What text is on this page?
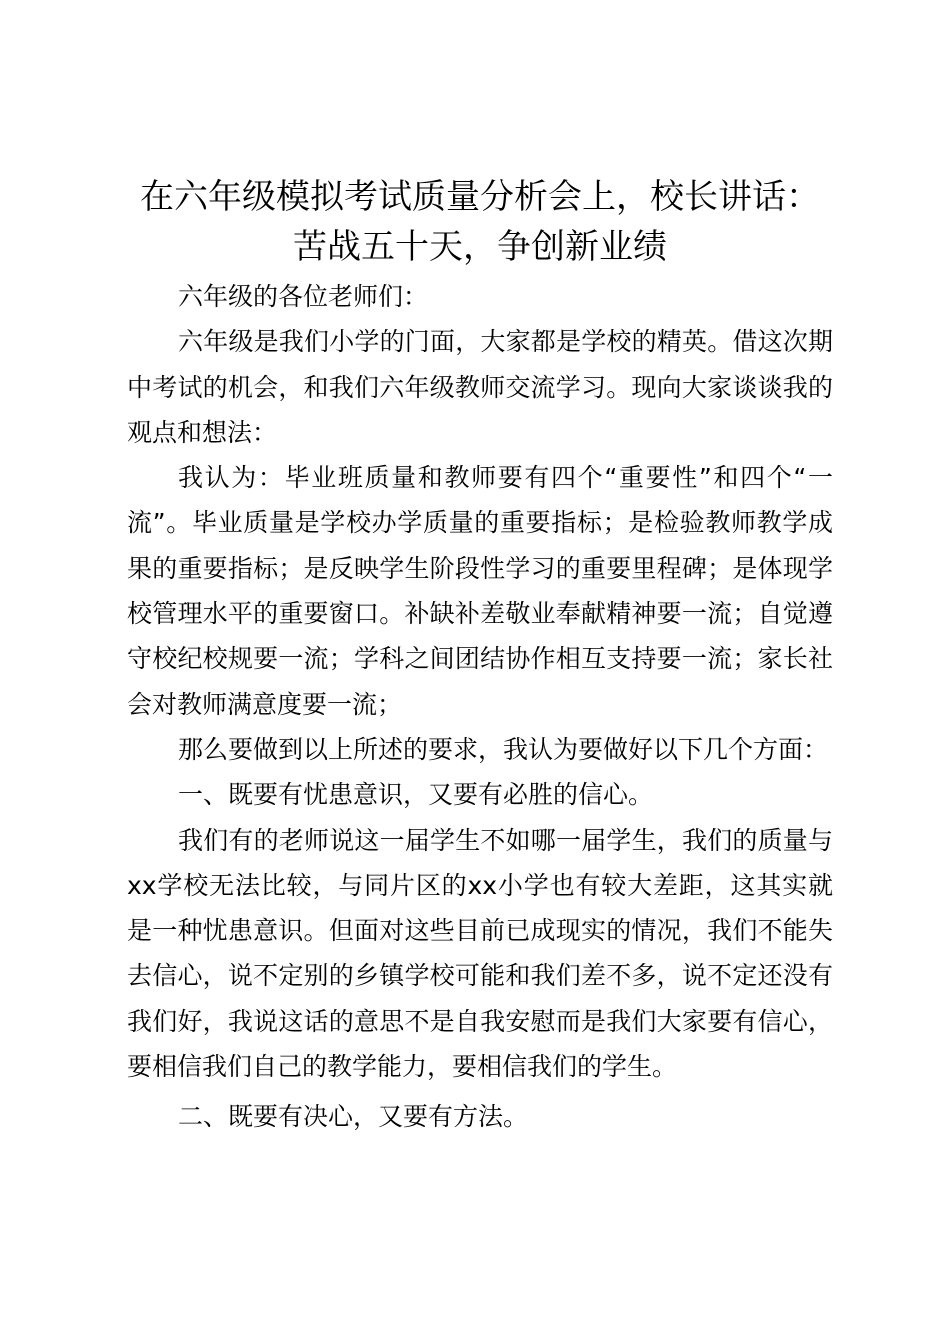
在六年级模拟考试质量分析会上，校长讲话：
苦战五十天，争创新业绩

六年级的各位老师们：

六年级是我们小学的门面，大家都是学校的精英。借这次期中考试的机会，和我们六年级教师交流学习。现向大家谈谈我的观点和想法：

我认为：毕业班质量和教师要有四个“重要性”和四个“一流”。毕业质量是学校办学质量的重要指标；是检验教师教学成果的重要指标；是反映学生阶段性学习的重要里程碑；是体现学校管理水平的重要窗口。补缺补差敬业奉献精神要一流；自觉遵守校纪校规要一流；学科之间团结协作相互支持要一流；家长社会对教师满意度要一流；

那么要做到以上所述的要求，我认为要做好以下几个方面：

一、既要有忧患意识，又要有必胜的信心。

我们有的老师说这一届学生不如哪一届学生，我们的质量与xx学校无法比较，与同片区的xx小学也有较大差距，这其实就是一种忧患意识。但面对这些目前已成现实的情况，我们不能失去信心，说不定别的乡镇学校可能和我们差不多，说不定还没有我们好，我说这话的意思不是自我安慰而是我们大家要有信心，要相信我们自己的教学能力，要相信我们的学生。

二、既要有决心，又要有方法。
